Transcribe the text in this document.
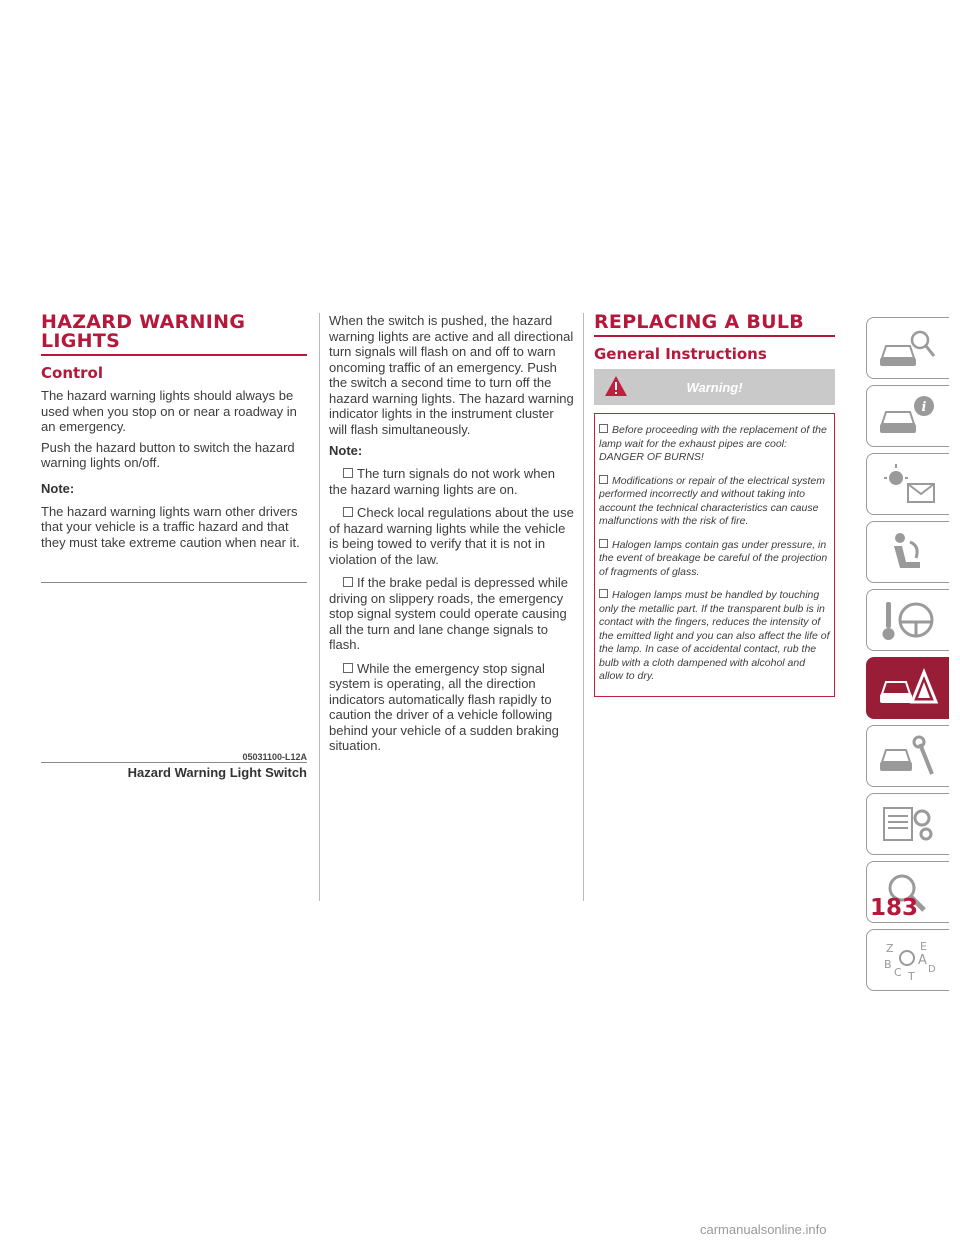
HAZARD WARNING LIGHTS
Control

The hazard warning lights should always be used when you stop on or near a roadway in an emergency.

Push the hazard button to switch the hazard warning lights on/off.

Note:

The hazard warning lights warn other drivers that your vehicle is a traffic hazard and that they must take extreme caution when near it.

05031100-L12A
Hazard Warning Light Switch

When the switch is pushed, the hazard warning lights are active and all directional turn signals will flash on and off to warn oncoming traffic of an emergency. Push the switch a second time to turn off the hazard warning lights. The hazard warning indicator lights in the instrument cluster will flash simultaneously.

Note:

The turn signals do not work when the hazard warning lights are on.
Check local regulations about the use of hazard warning lights while the vehicle is being towed to verify that it is not in violation of the law.
If the brake pedal is depressed while driving on slippery roads, the emergency stop signal system could operate causing all the turn and lane change signals to flash.
While the emergency stop signal system is operating, all the direction indicators automatically flash rapidly to caution the driver of a vehicle following behind your vehicle of a sudden braking situation.
REPLACING A BULB
General Instructions
Warning!
Before proceeding with the replacement of the lamp wait for the exhaust pipes are cool: DANGER OF BURNS!
Modifications or repair of the electrical system performed incorrectly and without taking into account the technical characteristics can cause malfunctions with the risk of fire.
Halogen lamps contain gas under pressure, in the event of breakage be careful of the projection of fragments of glass.
Halogen lamps must be handled by touching only the metallic part. If the transparent bulb is in contact with the fingers, reduces the intensity of the emitted light and you can also affect the life of the lamp. In case of accidental contact, rub the bulb with a cloth dampened with alcohol and allow to dry.
i
Z E
B A
D
C T
183
carmanualsonline.info
